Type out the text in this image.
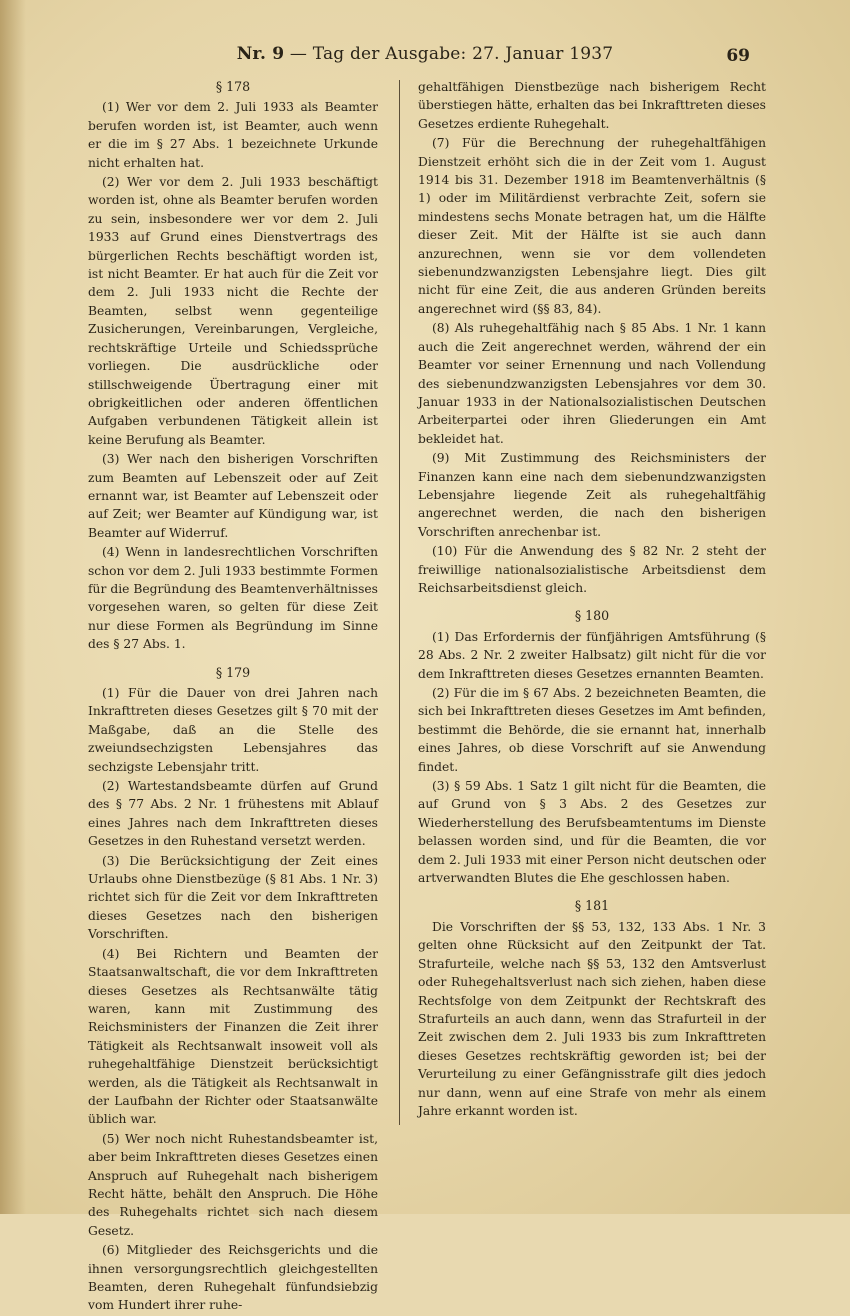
Nr. 9 — Tag der Ausgabe: 27. Januar 1937	69
§ 178

(1) Wer vor dem 2. Juli 1933 als Beamter berufen worden ist, ist Beamter, auch wenn er die im § 27 Abs. 1 bezeichnete Urkunde nicht erhalten hat.

(2) Wer vor dem 2. Juli 1933 beschäftigt worden ist, ohne als Beamter berufen worden zu sein, insbesondere wer vor dem 2. Juli 1933 auf Grund eines Dienstvertrags des bürgerlichen Rechts beschäftigt worden ist, ist nicht Beamter. Er hat auch für die Zeit vor dem 2. Juli 1933 nicht die Rechte der Beamten, selbst wenn gegenteilige Zusicherungen, Vereinbarungen, Vergleiche, rechtskräftige Urteile und Schiedssprüche vorliegen. Die ausdrückliche oder stillschweigende Übertragung einer mit obrigkeitlichen oder anderen öffentlichen Aufgaben verbundenen Tätigkeit allein ist keine Berufung als Beamter.

(3) Wer nach den bisherigen Vorschriften zum Beamten auf Lebenszeit oder auf Zeit ernannt war, ist Beamter auf Lebenszeit oder auf Zeit; wer Beamter auf Kündigung war, ist Beamter auf Widerruf.

(4) Wenn in landesrechtlichen Vorschriften schon vor dem 2. Juli 1933 bestimmte Formen für die Begründung des Beamtenverhältnisses vorgesehen waren, so gelten für diese Zeit nur diese Formen als Begründung im Sinne des § 27 Abs. 1.

§ 179

(1) Für die Dauer von drei Jahren nach Inkrafttreten dieses Gesetzes gilt § 70 mit der Maßgabe, daß an die Stelle des zweiundsechzigsten Lebensjahres das sechzigste Lebensjahr tritt.

(2) Wartestandsbeamte dürfen auf Grund des § 77 Abs. 2 Nr. 1 frühestens mit Ablauf eines Jahres nach dem Inkrafttreten dieses Gesetzes in den Ruhestand versetzt werden.

(3) Die Berücksichtigung der Zeit eines Urlaubs ohne Dienstbezüge (§ 81 Abs. 1 Nr. 3) richtet sich für die Zeit vor dem Inkrafttreten dieses Gesetzes nach den bisherigen Vorschriften.

(4) Bei Richtern und Beamten der Staatsanwaltschaft, die vor dem Inkrafttreten dieses Gesetzes als Rechtsanwälte tätig waren, kann mit Zustimmung des Reichsministers der Finanzen die Zeit ihrer Tätigkeit als Rechtsanwalt insoweit voll als ruhegehaltfähige Dienstzeit berücksichtigt werden, als die Tätigkeit als Rechtsanwalt in der Laufbahn der Richter oder Staatsanwälte üblich war.

(5) Wer noch nicht Ruhestandsbeamter ist, aber beim Inkrafttreten dieses Gesetzes einen Anspruch auf Ruhegehalt nach bisherigem Recht hätte, behält den Anspruch. Die Höhe des Ruhegehalts richtet sich nach diesem Gesetz.

(6) Mitglieder des Reichsgerichts und die ihnen versorgungsrechtlich gleichgestellten Beamten, deren Ruhegehalt fünfundsiebzig vom Hundert ihrer ruhe-

gehaltfähigen Dienstbezüge nach bisherigem Recht überstiegen hätte, erhalten das bei Inkrafttreten dieses Gesetzes erdiente Ruhegehalt.

(7) Für die Berechnung der ruhegehaltfähigen Dienstzeit erhöht sich die in der Zeit vom 1. August 1914 bis 31. Dezember 1918 im Beamtenverhältnis (§ 1) oder im Militärdienst verbrachte Zeit, sofern sie mindestens sechs Monate betragen hat, um die Hälfte dieser Zeit. Mit der Hälfte ist sie auch dann anzurechnen, wenn sie vor dem vollendeten siebenundzwanzigsten Lebensjahre liegt. Dies gilt nicht für eine Zeit, die aus anderen Gründen bereits angerechnet wird (§§ 83, 84).

(8) Als ruhegehaltfähig nach § 85 Abs. 1 Nr. 1 kann auch die Zeit angerechnet werden, während der ein Beamter vor seiner Ernennung und nach Vollendung des siebenundzwanzigsten Lebensjahres vor dem 30. Januar 1933 in der Nationalsozialistischen Deutschen Arbeiterpartei oder ihren Gliederungen ein Amt bekleidet hat.

(9) Mit Zustimmung des Reichsministers der Finanzen kann eine nach dem siebenundzwanzigsten Lebensjahre liegende Zeit als ruhegehaltfähig angerechnet werden, die nach den bisherigen Vorschriften anrechenbar ist.

(10) Für die Anwendung des § 82 Nr. 2 steht der freiwillige nationalsozialistische Arbeitsdienst dem Reichsarbeitsdienst gleich.

§ 180

(1) Das Erfordernis der fünfjährigen Amtsführung (§ 28 Abs. 2 Nr. 2 zweiter Halbsatz) gilt nicht für die vor dem Inkrafttreten dieses Gesetzes ernannten Beamten.

(2) Für die im § 67 Abs. 2 bezeichneten Beamten, die sich bei Inkrafttreten dieses Gesetzes im Amt befinden, bestimmt die Behörde, die sie ernannt hat, innerhalb eines Jahres, ob diese Vorschrift auf sie Anwendung findet.

(3) § 59 Abs. 1 Satz 1 gilt nicht für die Beamten, die auf Grund von § 3 Abs. 2 des Gesetzes zur Wiederherstellung des Berufsbeamtentums im Dienste belassen worden sind, und für die Beamten, die vor dem 2. Juli 1933 mit einer Person nicht deutschen oder artverwandten Blutes die Ehe geschlossen haben.

§ 181

Die Vorschriften der §§ 53, 132, 133 Abs. 1 Nr. 3 gelten ohne Rücksicht auf den Zeitpunkt der Tat. Strafurteile, welche nach §§ 53, 132 den Amtsverlust oder Ruhegehaltsverlust nach sich ziehen, haben diese Rechtsfolge von dem Zeitpunkt der Rechtskraft des Strafurteils an auch dann, wenn das Strafurteil in der Zeit zwischen dem 2. Juli 1933 bis zum Inkrafttreten dieses Gesetzes rechtskräftig geworden ist; bei der Verurteilung zu einer Gefängnisstrafe gilt dies jedoch nur dann, wenn auf eine Strafe von mehr als einem Jahre erkannt worden ist.
